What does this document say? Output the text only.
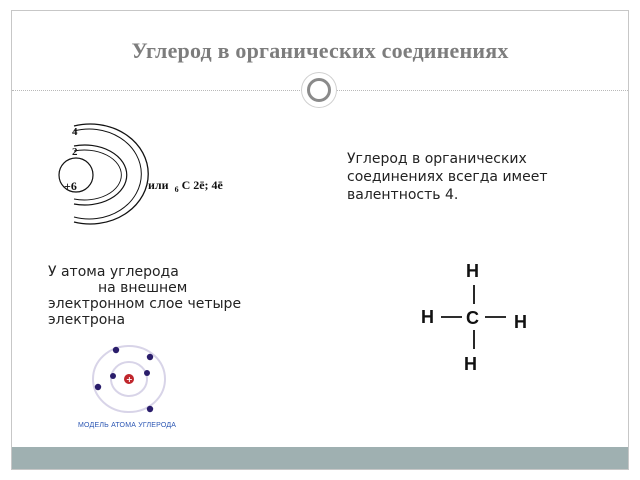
Углерод в органических соединениях
4
2
+6	или $_6$ C 2ē; 4ē
Углерод в органических соединениях всегда имеет валентность 4.
У атома углерода
на внешнем
электронном слое четыре
электрона
H
H C H
H
+
МОДЕЛЬ АТОМА УГЛЕРОДА
